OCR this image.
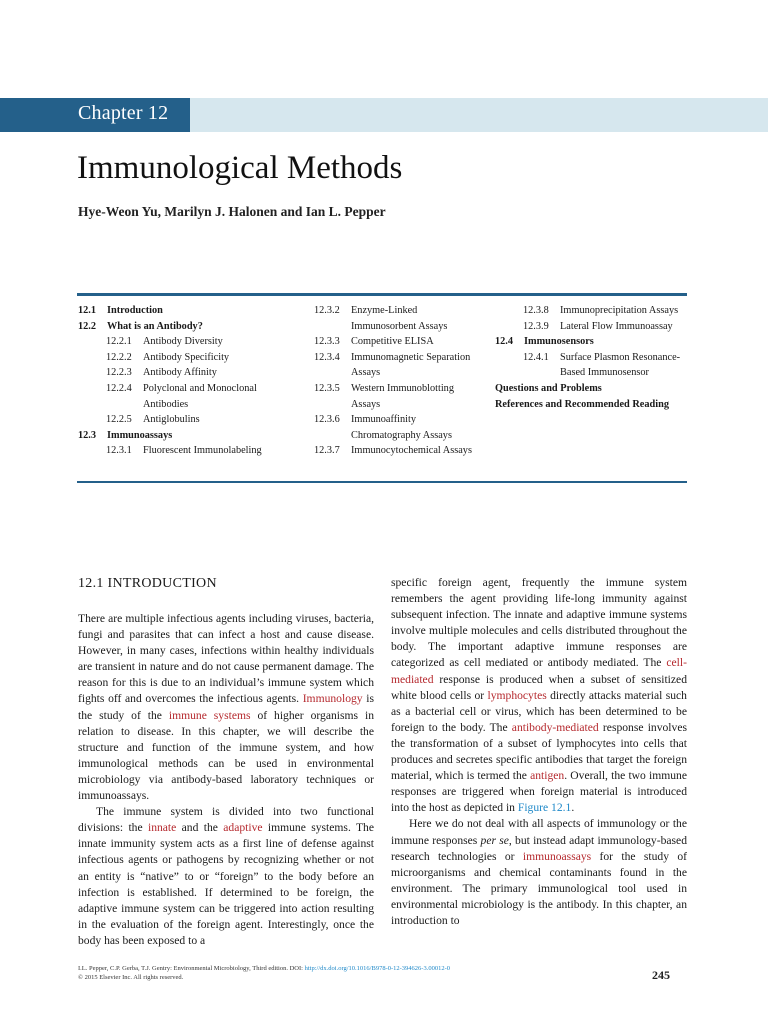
Chapter 12
Immunological Methods
Hye-Weon Yu, Marilyn J. Halonen and Ian L. Pepper
12.1	Introduction
12.2	What is an Antibody?
12.2.1	Antibody Diversity
12.2.2	Antibody Specificity
12.2.3	Antibody Affinity
12.2.4	Polyclonal and Monoclonal Antibodies
12.2.5	Antiglobulins
12.3	Immunoassays
12.3.1	Fluorescent Immunolabeling
12.3.2	Enzyme-Linked Immunosorbent Assays
12.3.3	Competitive ELISA
12.3.4	Immunomagnetic Separation Assays
12.3.5	Western Immunoblotting Assays
12.3.6	Immunoaffinity Chromatography Assays
12.3.7	Immunocytochemical Assays
12.3.8	Immunoprecipitation Assays
12.3.9	Lateral Flow Immunoassay
12.4	Immunosensors
12.4.1	Surface Plasmon Resonance-Based Immunosensor
Questions and Problems
References and Recommended Reading
12.1 INTRODUCTION

There are multiple infectious agents including viruses, bacteria, fungi and parasites that can infect a host and cause disease. However, in many cases, infections within healthy individuals are transient in nature and do not cause permanent damage. The reason for this is due to an individual’s immune system which fights off and overcomes the infectious agents. Immunology is the study of the immune systems of higher organisms in relation to disease. In this chapter, we will describe the structure and function of the immune system, and how immunological methods can be used in environmental microbiology via antibody-based laboratory techniques or immunoassays.

The immune system is divided into two functional divisions: the innate and the adaptive immune systems. The innate immunity system acts as a first line of defense against infectious agents or pathogens by recognizing whether or not an entity is “native” to or “foreign” to the body before an infection is established. If determined to be foreign, the adaptive immune system can be triggered into action resulting in the evaluation of the foreign agent. Interestingly, once the body has been exposed to a

specific foreign agent, frequently the immune system remembers the agent providing life-long immunity against subsequent infection. The innate and adaptive immune systems involve multiple molecules and cells distributed throughout the body. The important adaptive immune responses are categorized as cell mediated or antibody mediated. The cell-mediated response is produced when a subset of sensitized white blood cells or lymphocytes directly attacks material such as a bacterial cell or virus, which has been determined to be foreign to the body. The antibody-mediated response involves the transformation of a subset of lymphocytes into cells that produces and secretes specific antibodies that target the foreign material, which is termed the antigen. Overall, the two immune responses are triggered when foreign material is introduced into the host as depicted in Figure 12.1.

Here we do not deal with all aspects of immunology or the immune responses per se, but instead adapt immunology-based research technologies or immunoassays for the study of microorganisms and chemical contaminants found in the environment. The primary immunological tool used in environmental microbiology is the antibody. In this chapter, an introduction to

I.L. Pepper, C.P. Gerba, T.J. Gentry: Environmental Microbiology, Third edition. DOI: http://dx.doi.org/10.1016/B978-0-12-394626-3.00012-0
© 2015 Elsevier Inc. All rights reserved.	245
